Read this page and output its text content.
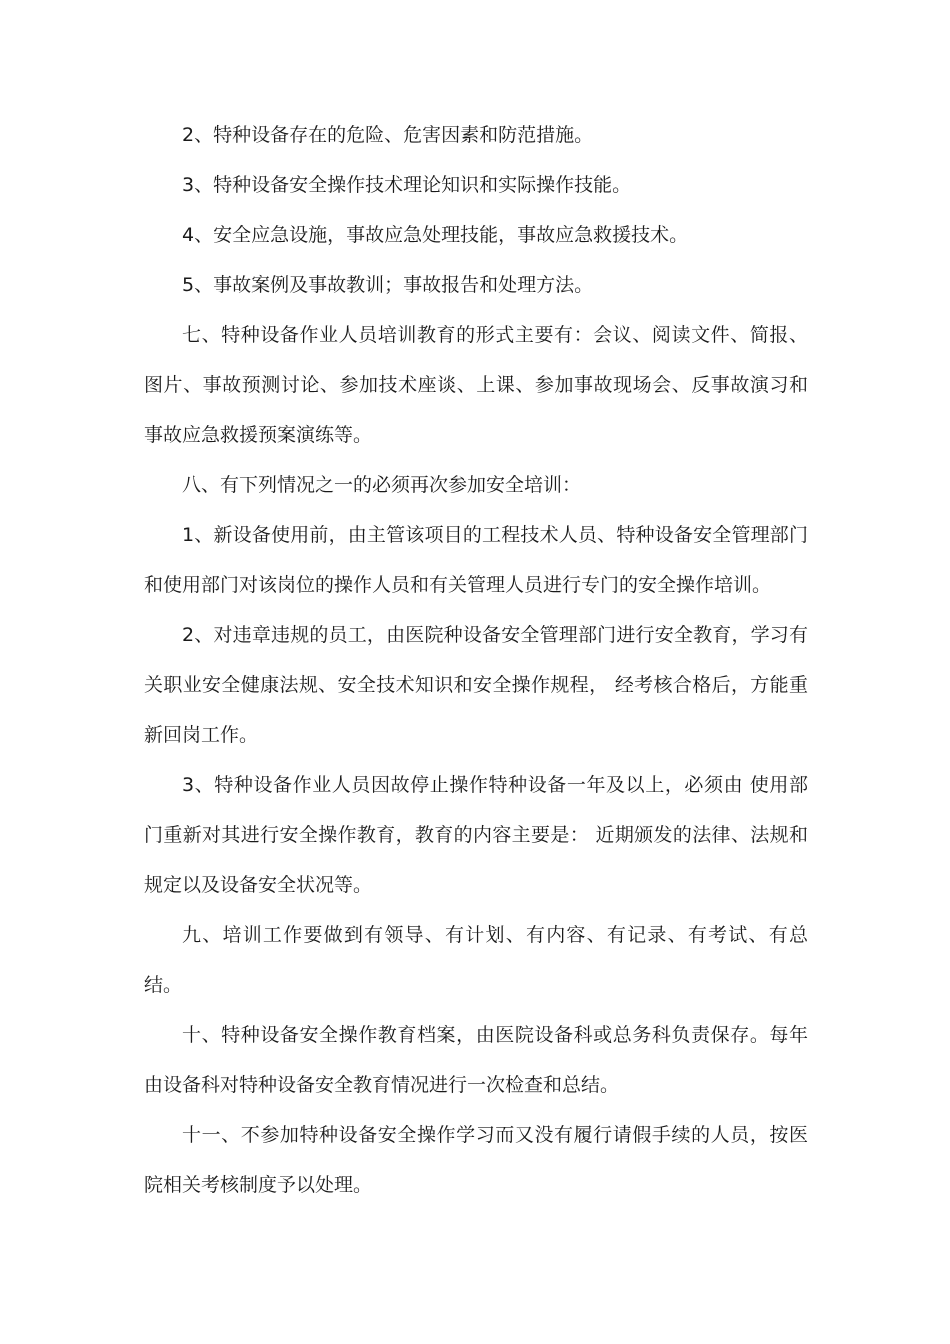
2、特种设备存在的危险、危害因素和防范措施。

3、特种设备安全操作技术理论知识和实际操作技能。

4、安全应急设施，事故应急处理技能，事故应急救援技术。

5、事故案例及事故教训；事故报告和处理方法。

七、特种设备作业人员培训教育的形式主要有：会议、阅读文件、简报、图片、事故预测讨论、参加技术座谈、上课、参加事故现场会、反事故演习和事故应急救援预案演练等。

八、有下列情况之一的必须再次参加安全培训：

1、新设备使用前，由主管该项目的工程技术人员、特种设备安全管理部门和使用部门对该岗位的操作人员和有关管理人员进行专门的安全操作培训。

2、对违章违规的员工，由医院种设备安全管理部门进行安全教育，学习有关职业安全健康法规、安全技术知识和安全操作规程， 经考核合格后，方能重新回岗工作。

3、特种设备作业人员因故停止操作特种设备一年及以上，必须由 使用部门重新对其进行安全操作教育，教育的内容主要是： 近期颁发的法律、法规和规定以及设备安全状况等。

九、培训工作要做到有领导、有计划、有内容、有记录、有考试、有总结。

十、特种设备安全操作教育档案，由医院设备科或总务科负责保存。每年由设备科对特种设备安全教育情况进行一次检查和总结。

十一、不参加特种设备安全操作学习而又没有履行请假手续的人员，按医院相关考核制度予以处理。
